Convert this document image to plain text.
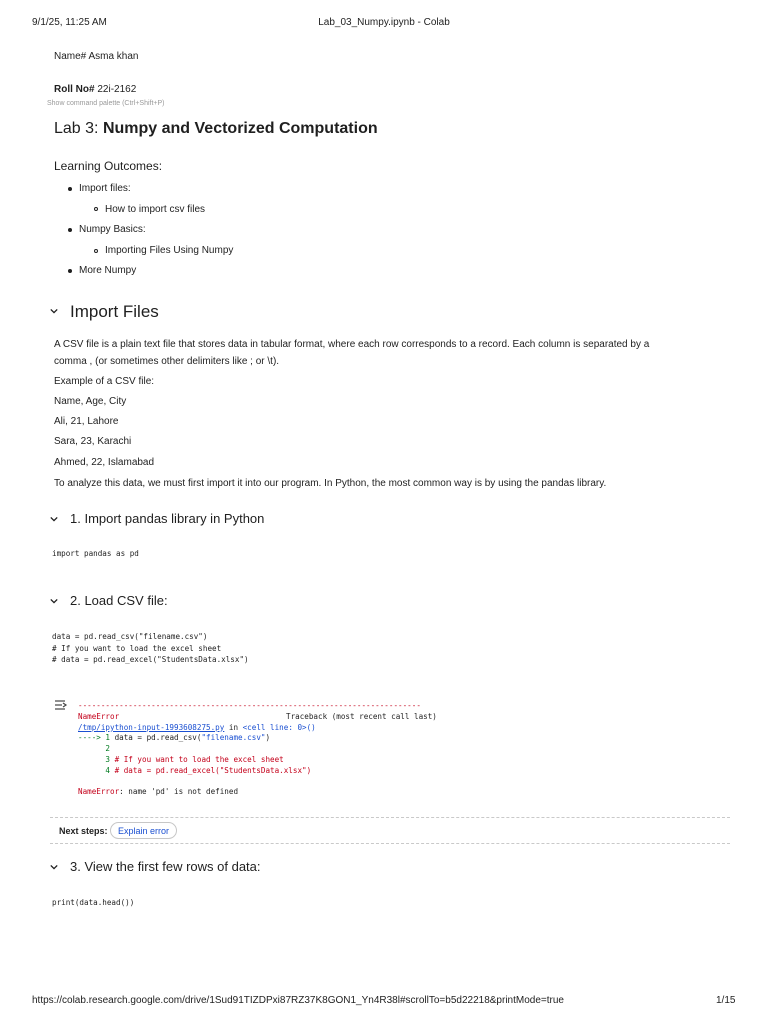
9/1/25, 11:25 AM	Lab_03_Numpy.ipynb - Colab
Name# Asma khan
Roll No# 22i-2162
Show command palette (Ctrl+Shift+P)
Lab 3: Numpy and Vectorized Computation
Learning Outcomes:
Import files:
How to import csv files
Numpy Basics:
Importing Files Using Numpy
More Numpy
Import Files
A CSV file is a plain text file that stores data in tabular format, where each row corresponds to a record. Each column is separated by a
comma , (or sometimes other delimiters like ; or \t).
Example of a CSV file:
Name, Age, City
Ali, 21, Lahore
Sara, 23, Karachi
Ahmed, 22, Islamabad
To analyze this data, we must first import it into our program. In Python, the most common way is by using the pandas library.
1. Import pandas library in Python
import pandas as pd
2. Load CSV file:
data = pd.read_csv("filename.csv")
# If you want to load the excel sheet
# data = pd.read_excel("StudentsData.xlsx")
---------------------------------------------------------------------------
NameError	Traceback (most recent call last)
/tmp/ipython-input-1993608275.py in <cell line: 0>()
----> 1 data = pd.read_csv("filename.csv")
2
3 # If you want to load the excel sheet
4 # data = pd.read_excel("StudentsData.xlsx")

NameError: name 'pd' is not defined
Next steps:	Explain error
3. View the first few rows of data:
print(data.head())
https://colab.research.google.com/drive/1Sud91TIZDPxi87RZ37K8GON1_Yn4R38l#scrollTo=b5d22218&printMode=true	1/15
